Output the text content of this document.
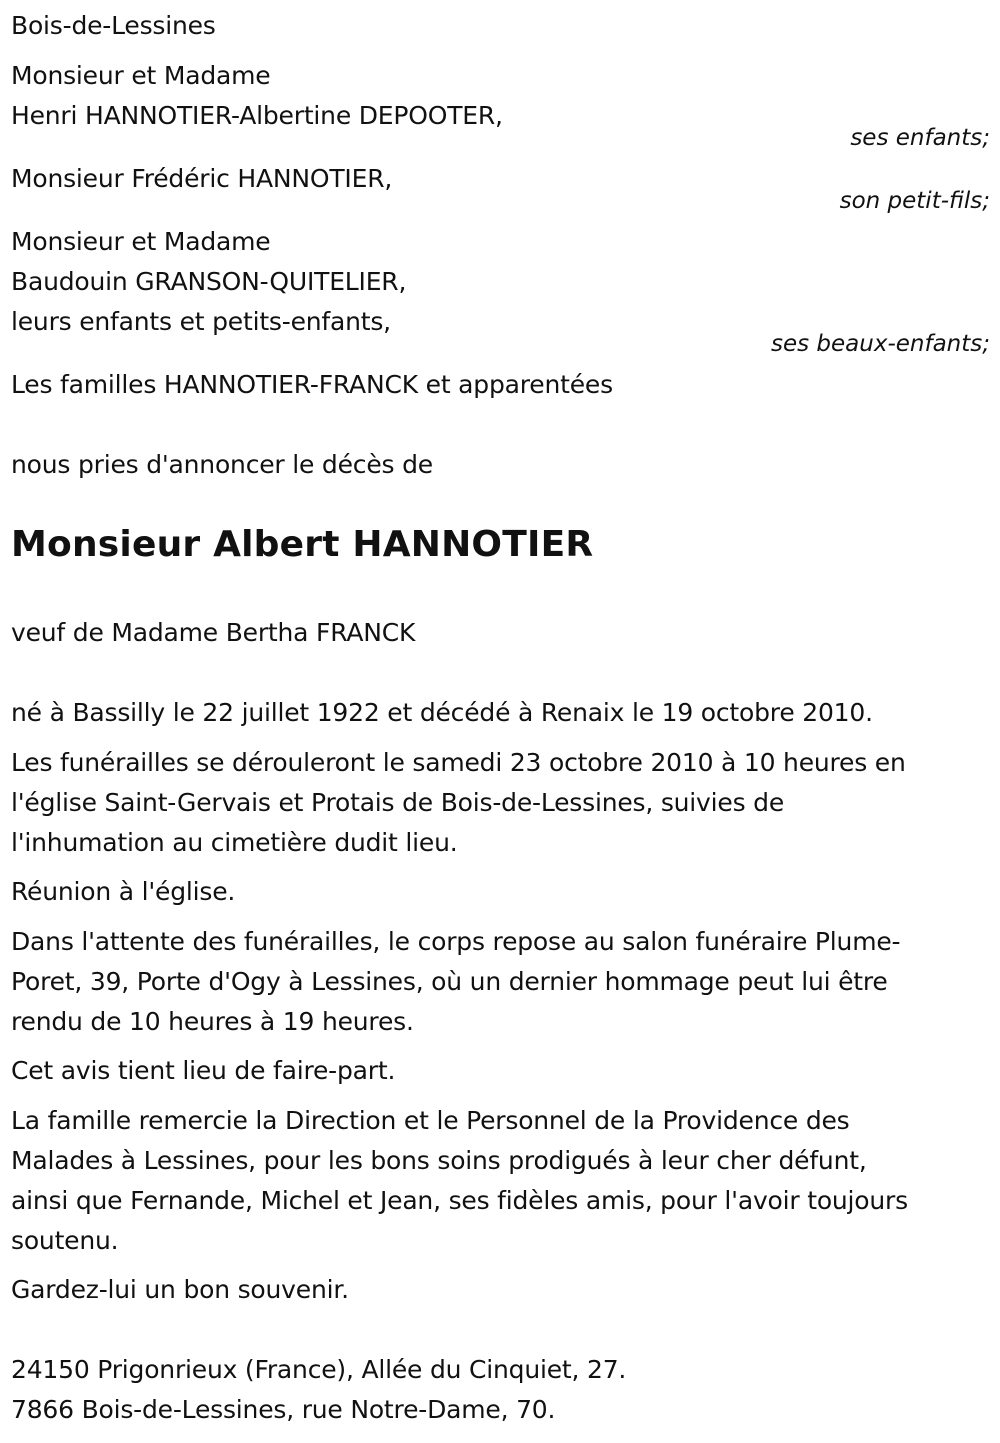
Bois-de-Lessines
Monsieur et Madame
Henri HANNOTIER-Albertine DEPOOTER,
ses enfants;
Monsieur Frédéric HANNOTIER,
son petit-fils;
Monsieur et Madame
Baudouin GRANSON-QUITELIER,
leurs enfants et petits-enfants,
ses beaux-enfants;
Les familles HANNOTIER-FRANCK et apparentées
nous pries d'annoncer le décès de
Monsieur Albert HANNOTIER
veuf de Madame Bertha FRANCK
né à Bassilly le 22 juillet 1922 et décédé à Renaix le 19 octobre 2010.
Les funérailles se dérouleront le samedi 23 octobre 2010 à 10 heures en
l'église Saint-Gervais et Protais de Bois-de-Lessines, suivies de
l'inhumation au cimetière dudit lieu.
Réunion à l'église.
Dans l'attente des funérailles, le corps repose au salon funéraire Plume-
Poret, 39, Porte d'Ogy à Lessines, où un dernier hommage peut lui être
rendu de 10 heures à 19 heures.
Cet avis tient lieu de faire-part.
La famille remercie la Direction et le Personnel de la Providence des
Malades à Lessines, pour les bons soins prodigués à leur cher défunt,
ainsi que Fernande, Michel et Jean, ses fidèles amis, pour l'avoir toujours
soutenu.
Gardez-lui un bon souvenir.
24150 Prigonrieux (France), Allée du Cinquiet, 27.
7866 Bois-de-Lessines, rue Notre-Dame, 70.
